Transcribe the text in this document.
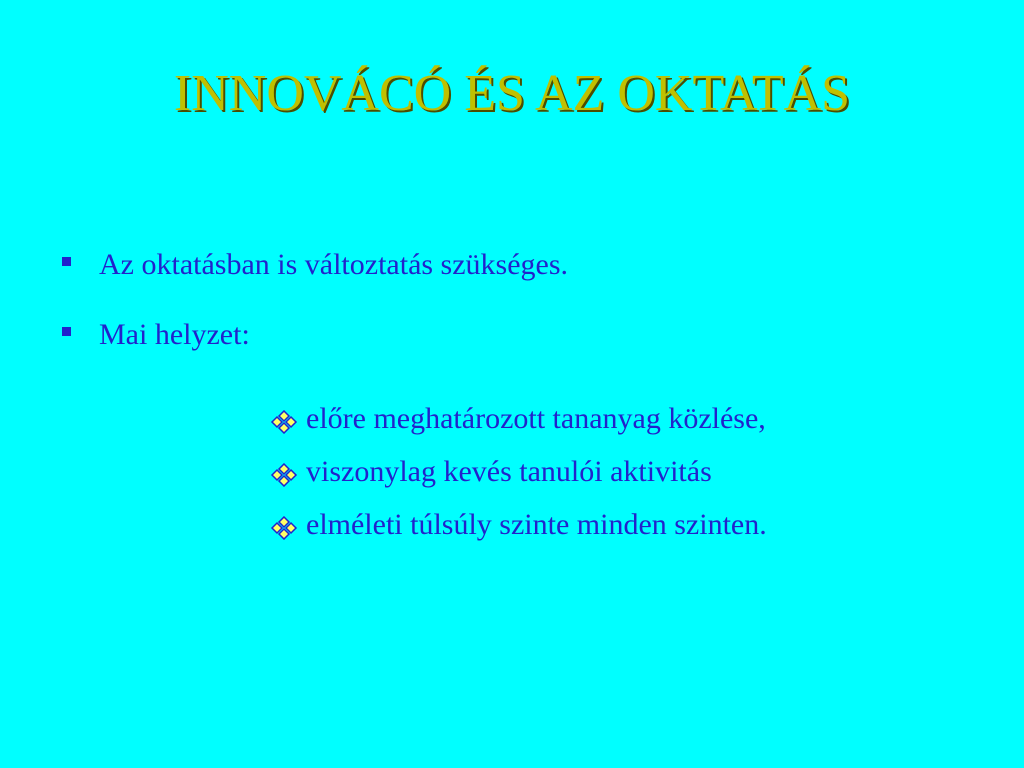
INNOVÁCÓ ÉS AZ OKTATÁS
Az oktatásban is változtatás szükséges.
Mai helyzet:
előre meghatározott tananyag közlése,
viszonylag kevés tanulói aktivitás
elméleti túlsúly szinte minden szinten.
